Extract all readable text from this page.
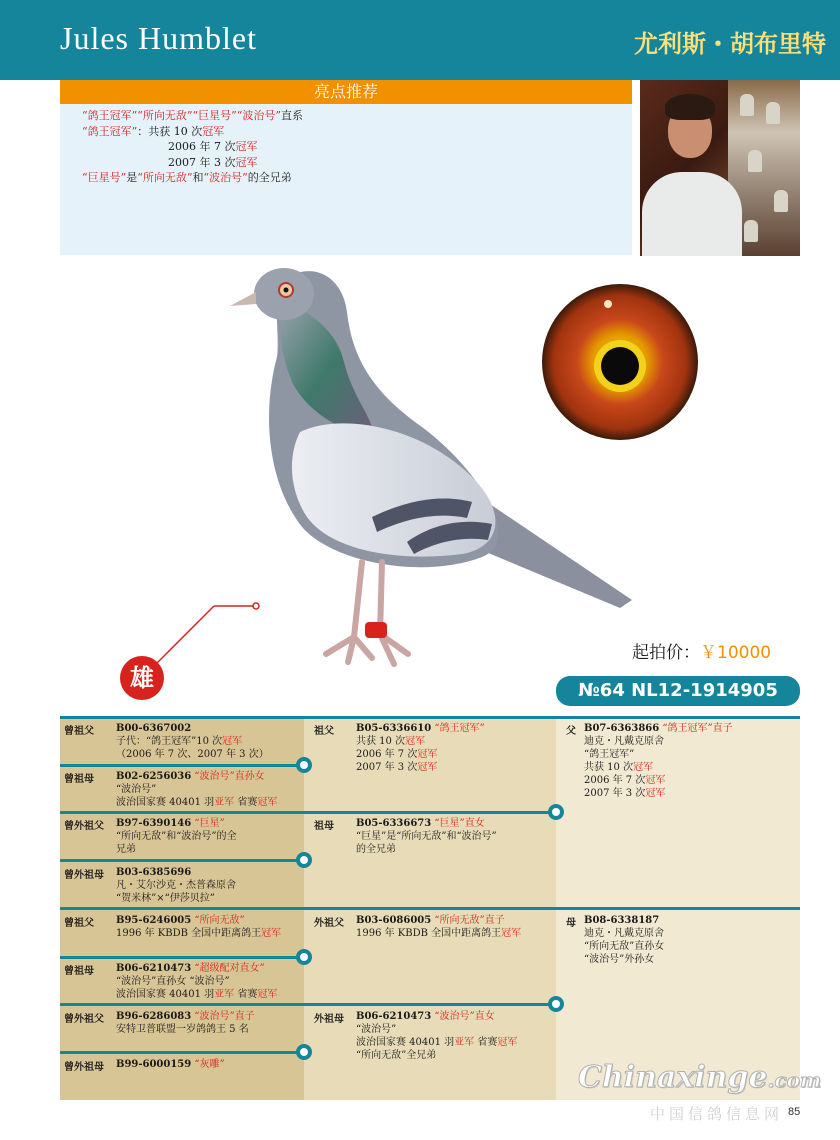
Jules Humblet	尤利斯・胡布里特
亮点推荐
“鸽王冠军”“所向无敌”“巨星号”“波治号”直系
“鸽王冠军”：共获 10 次冠军
2006 年 7 次冠军
2007 年 3 次冠军
“巨星号”是“所向无敌”和“波治号”的全兄弟
雄
起拍价：￥10000
№64 NL12-1914905
曾祖父 B00-6367002
子代：“鸽王冠军”10 次冠军
（2006 年 7 次、2007 年 3 次）
曾祖母 B02-6256036 “波治号”直孙女
“波治号”
波治国家赛 40401 羽亚军 省赛冠军
曾外祖父 B97-6390146 “巨星”
“所向无敌”和“波治号”的全
兄弟
曾外祖母 B03-6385696
凡・艾尔沙克・杰普森原舍
“贺米林”×“伊莎贝拉”
曾祖父 B95-6246005 “所向无敌”
1996 年 KBDB 全国中距离鸽王冠军
曾祖母 B06-6210473 “超级配对直女”
“波治号”直孙女 “波治号”
波治国家赛 40401 羽亚军 省赛冠军
曾外祖父 B96-6286083 “波治号”直子
安特卫普联盟一岁鸽鸽王 5 名
曾外祖母 B99-6000159 “灰雕”
祖父 B05-6336610 “鸽王冠军”
共获 10 次冠军
2006 年 7 次冠军
2007 年 3 次冠军
祖母 B05-6336673 “巨星”直女
“巨星”是“所向无敌”和“波治号”
的全兄弟
外祖父 B03-6086005 “所向无敌”直子
1996 年 KBDB 全国中距离鸽王冠军
外祖母 B06-6210473 “波治号”直女
“波治号”
波治国家赛 40401 羽亚军 省赛冠军
“所向无敌”全兄弟
父 B07-6363866 “鸽王冠军”直子
迪克・凡戴克原舍
“鸽王冠军”
共获 10 次冠军
2006 年 7 次冠军
2007 年 3 次冠军
母 B08-6338187
迪克・凡戴克原舍
“所向无敌”直孙女
“波治号”外孙女
Chinaxinge.com
中国信鸽信息网 85
